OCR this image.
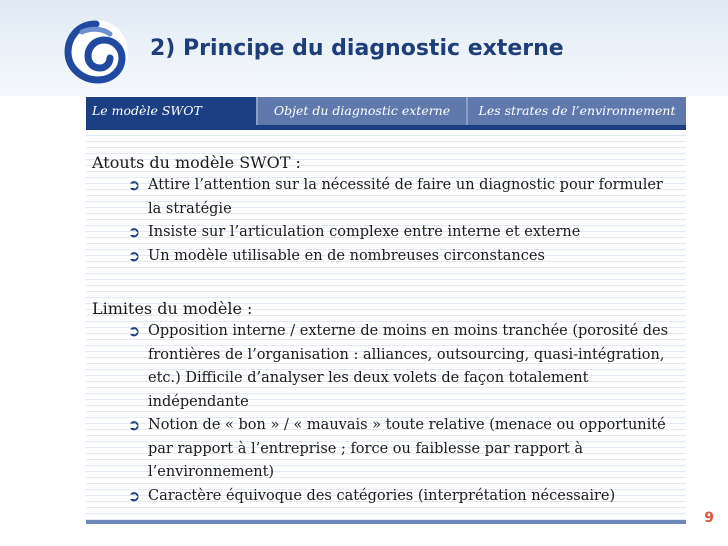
2) Principe du diagnostic externe
Le modèle SWOT	Objet du diagnostic externe	Les strates de l’environnement

Atouts du modèle SWOT :

➲ Attire l’attention sur la nécessité de faire un diagnostic pour formuler la stratégie
➲ Insiste sur l’articulation complexe entre interne et externe
➲ Un modèle utilisable en de nombreuses circonstances

Limites du modèle :

➲ Opposition interne / externe de moins en moins tranchée (porosité des frontières de l’organisation : alliances, outsourcing, quasi-intégration, etc.) Difficile d’analyser les deux volets de façon totalement indépendante
➲ Notion de « bon » / « mauvais » toute relative (menace ou opportunité par rapport à l’entreprise ; force ou faiblesse par rapport à l’environnement)
➲ Caractère équivoque des catégories (interprétation nécessaire)
9
